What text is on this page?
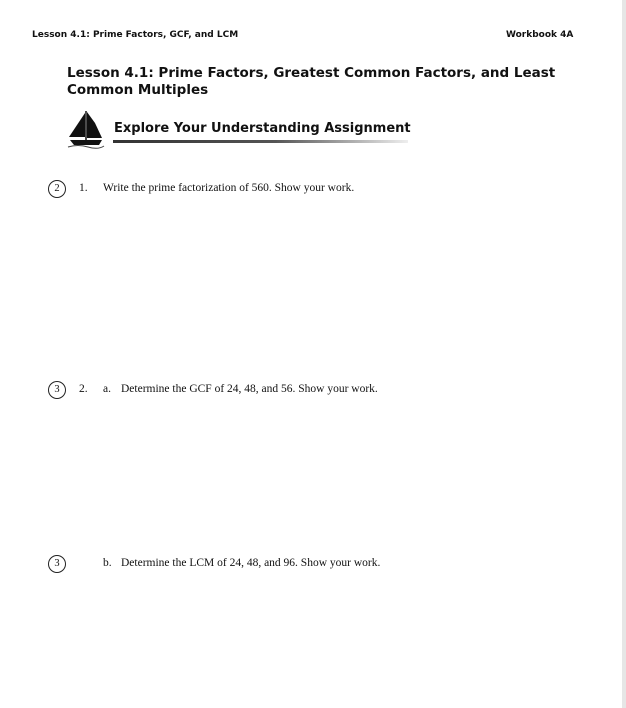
Lesson 4.1: Prime Factors, GCF, and LCM	Workbook 4A
Lesson 4.1: Prime Factors, Greatest Common Factors, and Least Common Multiples
Explore Your Understanding Assignment
2	1. Write the prime factorization of 560. Show your work.
3	2. a. Determine the GCF of 24, 48, and 56. Show your work.
3	b. Determine the LCM of 24, 48, and 96. Show your work.
